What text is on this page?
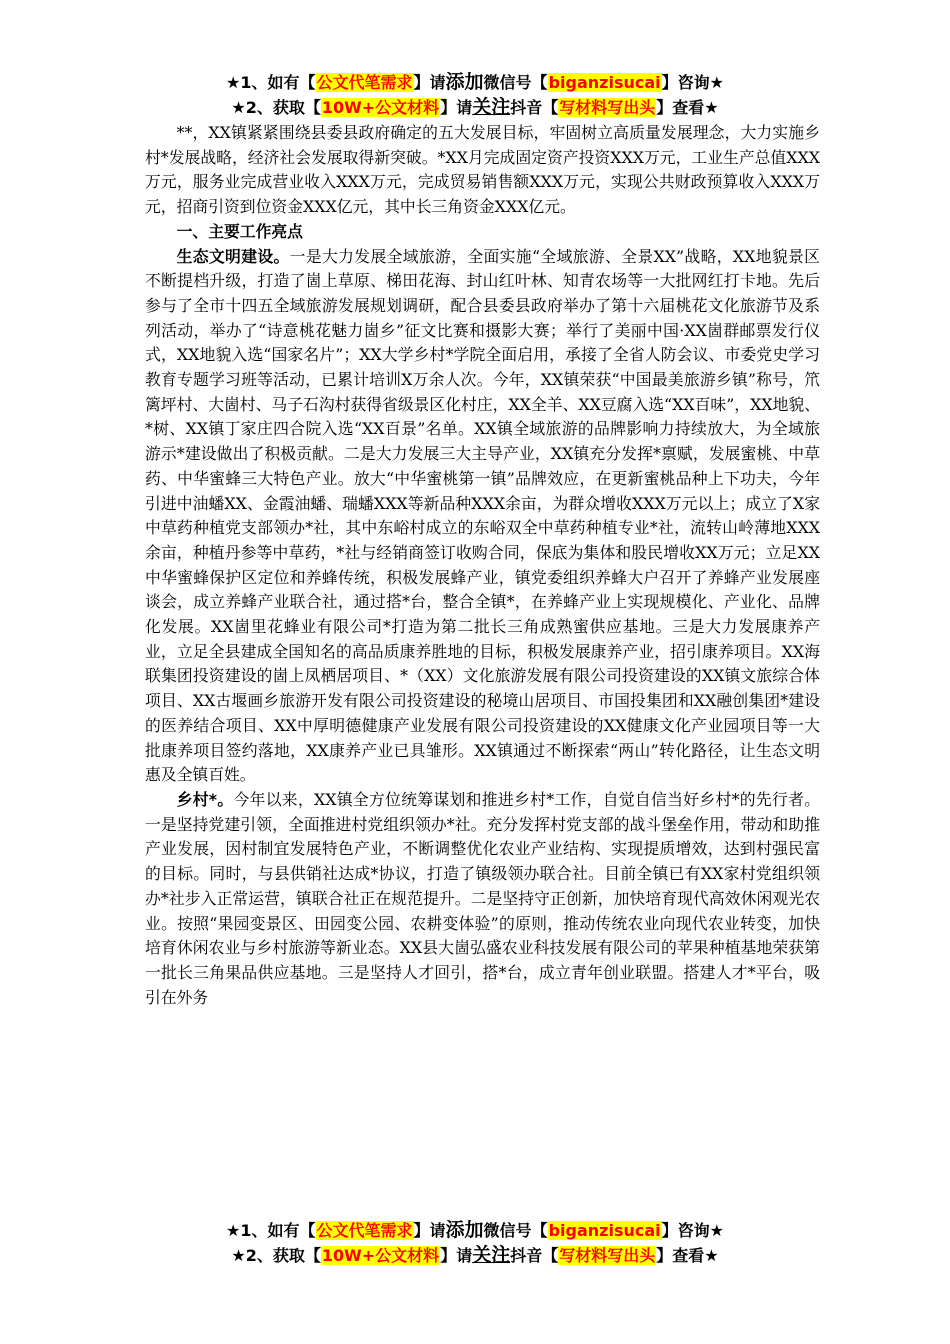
★1、如有【公文代笔需求】请添加微信号【biganzisucai】咨询★
★2、获取【10W+公文材料】请关注抖音【写材料写出头】查看★

**，XX镇紧紧围绕县委县政府确定的五大发展目标，牢固树立高质量发展理念，大力实施乡村*发展战略，经济社会发展取得新突破。*XX月完成固定资产投资XXX万元，工业生产总值XXX万元，服务业完成营业收入XXX万元，完成贸易销售额XXX万元，实现公共财政预算收入XXX万元，招商引资到位资金XXX亿元，其中长三角资金XXX亿元。

一、主要工作亮点

生态文明建设。一是大力发展全域旅游，全面实施“全域旅游、全景XX”战略，XX地貌景区不断提档升级，打造了崮上草原、梯田花海、封山红叶林、知青农场等一大批网红打卡地。先后参与了全市十四五全域旅游发展规划调研，配合县委县政府举办了第十六届桃花文化旅游节及系列活动，举办了“诗意桃花魅力崮乡”征文比赛和摄影大赛；举行了美丽中国·XX崮群邮票发行仪式，XX地貌入选“国家名片”；XX大学乡村*学院全面启用，承接了全省人防会议、市委党史学习教育专题学习班等活动，已累计培训X万余人次。今年，XX镇荣获“中国最美旅游乡镇”称号，笊篱坪村、大崮村、马子石沟村获得省级景区化村庄，XX全羊、XX豆腐入选“XX百味”，XX地貌、*树、XX镇丁家庄四合院入选“XX百景”名单。XX镇全域旅游的品牌影响力持续放大，为全域旅游示*建设做出了积极贡献。二是大力发展三大主导产业，XX镇充分发挥*禀赋，发展蜜桃、中草药、中华蜜蜂三大特色产业。放大“中华蜜桃第一镇”品牌效应，在更新蜜桃品种上下功夫，今年引进中油蟠XX、金霞油蟠、瑞蟠XXX等新品种XXX余亩，为群众增收XXX万元以上；成立了X家中草药种植党支部领办*社，其中东峪村成立的东峪双全中草药种植专业*社，流转山岭薄地XXX余亩，种植丹参等中草药，*社与经销商签订收购合同，保底为集体和股民增收XX万元；立足XX中华蜜蜂保护区定位和养蜂传统，积极发展蜂产业，镇党委组织养蜂大户召开了养蜂产业发展座谈会，成立养蜂产业联合社，通过搭*台，整合全镇*，在养蜂产业上实现规模化、产业化、品牌化发展。XX崮里花蜂业有限公司*打造为第二批长三角成熟蜜供应基地。三是大力发展康养产业，立足全县建成全国知名的高品质康养胜地的目标，积极发展康养产业，招引康养项目。XX海联集团投资建设的崮上凤栖居项目、*（XX）文化旅游发展有限公司投资建设的XX镇文旅综合体项目、XX古堰画乡旅游开发有限公司投资建设的秘境山居项目、市国投集团和XX融创集团*建设的医养结合项目、XX中厚明德健康产业发展有限公司投资建设的XX健康文化产业园项目等一大批康养项目签约落地，XX康养产业已具雏形。XX镇通过不断探索“两山”转化路径，让生态文明惠及全镇百姓。

乡村*。今年以来，XX镇全方位统筹谋划和推进乡村*工作，自觉自信当好乡村*的先行者。一是坚持党建引领，全面推进村党组织领办*社。充分发挥村党支部的战斗堡垒作用，带动和助推产业发展，因村制宜发展特色产业，不断调整优化农业产业结构、实现提质增效，达到村强民富的目标。同时，与县供销社达成*协议，打造了镇级领办联合社。目前全镇已有XX家村党组织领办*社步入正常运营，镇联合社正在规范提升。二是坚持守正创新，加快培育现代高效休闲观光农业。按照“果园变景区、田园变公园、农耕变体验”的原则，推动传统农业向现代农业转变，加快培育休闲农业与乡村旅游等新业态。XX县大崮弘盛农业科技发展有限公司的苹果种植基地荣获第一批长三角果品供应基地。三是坚持人才回引，搭*台，成立青年创业联盟。搭建人才*平台，吸引在外务

★1、如有【公文代笔需求】请添加微信号【biganzisucai】咨询★
★2、获取【10W+公文材料】请关注抖音【写材料写出头】查看★
